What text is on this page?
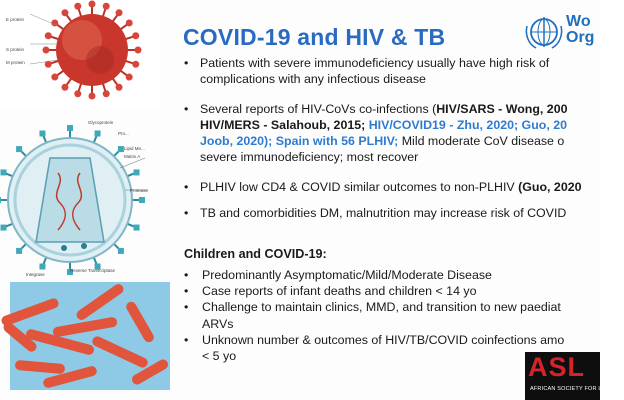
E protein
S protein
M protein
Glycoprotein
Pro...
Lipid Me...
Matrix A
Protease
Integrase
Reverse Transcriptase
COVID-19 and HIV & TB
Wo
Org
• Patients with severe immunodeficiency usually have high risk of
complications with any infectious disease
• Several reports of HIV-CoVs co-infections (HIV/SARS - Wong, 200
HIV/MERS - Salahoub, 2015; HIV/COVID19 - Zhu, 2020; Guo, 20
Joob, 2020); Spain with 56 PLHIV; Mild moderate CoV disease o
severe immunodeficiency; most recover
• PLHIV low CD4 & COVID similar outcomes to non-PLHIV (Guo, 2020
• TB and comorbidities DM, malnutrition may increase risk of COVID
Children and COVID-19:
• Predominantly Asymptomatic/Mild/Moderate Disease
• Case reports of infant deaths and children < 14 yo
• Challenge to maintain clinics, MMD, and transition to new paediat
ARVs
• Unknown number & outcomes of HIV/TB/COVID coinfections amo
< 5 yo	ASL
AFRICAN SOCIETY FOR LAB
